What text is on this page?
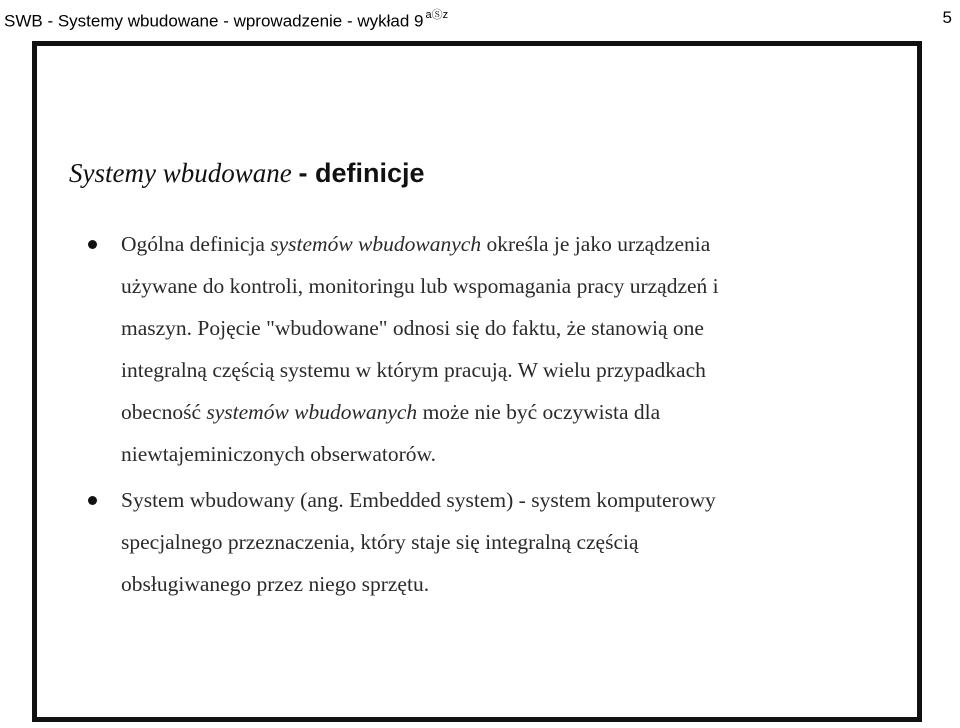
SWB - Systemy wbudowane - wprowadzenie - wykład 9 $^{aⓈz}$	5
Systemy wbudowane - definicje
Ogólna definicja systemów wbudowanych określa je jako urządzenia
używane do kontroli, monitoringu lub wspomagania pracy urządzeń i
maszyn. Pojęcie "wbudowane" odnosi się do faktu, że stanowią one
integralną częścią systemu w którym pracują. W wielu przypadkach
obecność systemów wbudowanych może nie być oczywista dla
niewtajeminiczonych obserwatorów.
System wbudowany (ang. Embedded system) - system komputerowy
specjalnego przeznaczenia, który staje się integralną częścią
obsługiwanego przez niego sprzętu.
